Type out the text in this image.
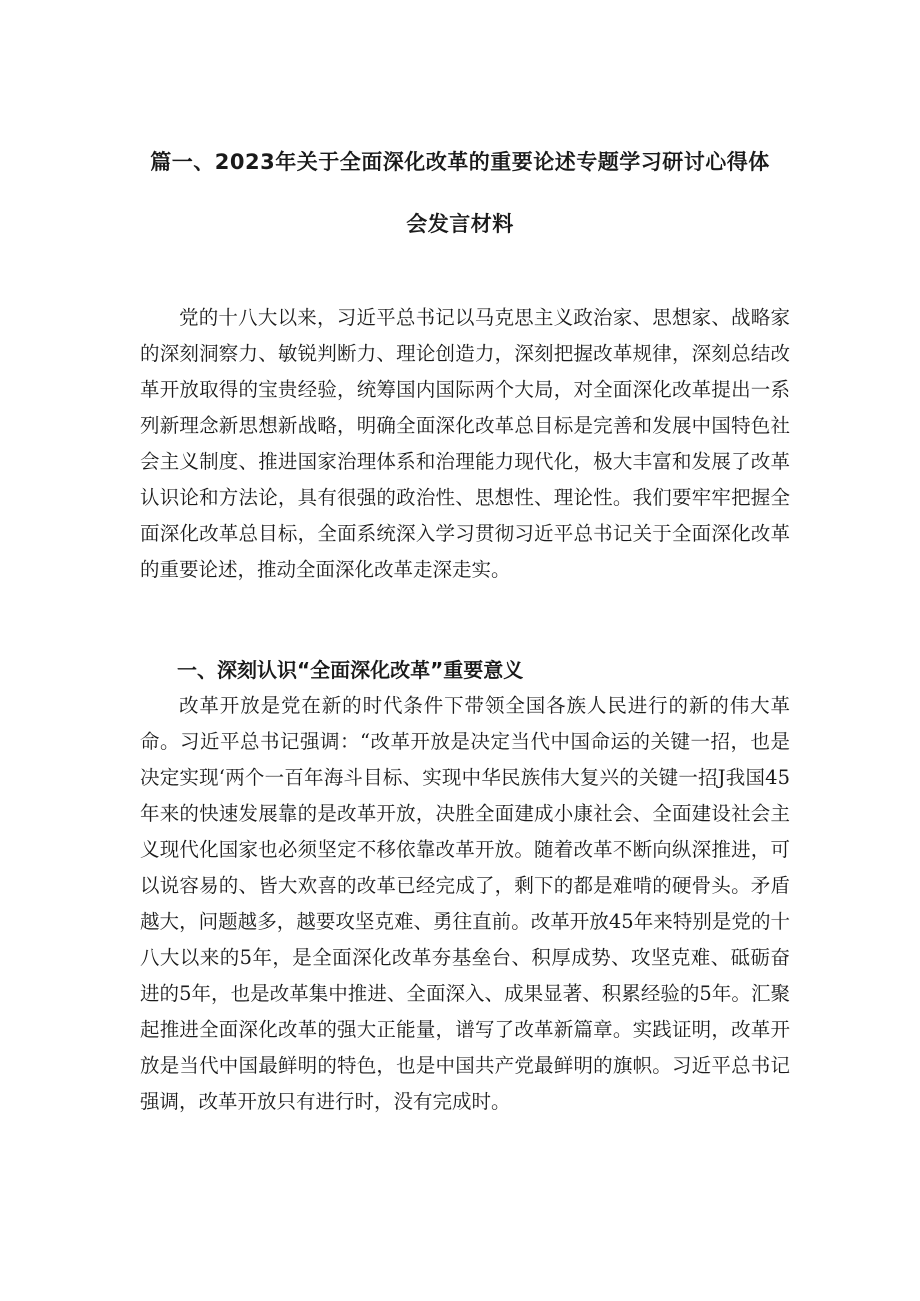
篇一、2023年关于全面深化改革的重要论述专题学习研讨心得体
会发言材料

党的十八大以来，习近平总书记以马克思主义政治家、思想家、战略家的深刻洞察力、敏锐判断力、理论创造力，深刻把握改革规律，深刻总结改革开放取得的宝贵经验，统筹国内国际两个大局，对全面深化改革提出一系列新理念新思想新战略，明确全面深化改革总目标是完善和发展中国特色社会主义制度、推进国家治理体系和治理能力现代化，极大丰富和发展了改革认识论和方法论，具有很强的政治性、思想性、理论性。我们要牢牢把握全面深化改革总目标，全面系统深入学习贯彻习近平总书记关于全面深化改革的重要论述，推动全面深化改革走深走实。

一、深刻认识“全面深化改革”重要意义

改革开放是党在新的时代条件下带领全国各族人民进行的新的伟大革命。习近平总书记强调：“改革开放是决定当代中国命运的关键一招，也是决定实现‘两个一百年海斗目标、实现中华民族伟大复兴的关键一招J我国45年来的快速发展靠的是改革开放，决胜全面建成小康社会、全面建设社会主义现代化国家也必须坚定不移依靠改革开放。随着改革不断向纵深推进，可以说容易的、皆大欢喜的改革已经完成了，剩下的都是难啃的硬骨头。矛盾越大，问题越多，越要攻坚克难、勇往直前。改革开放45年来特别是党的十八大以来的5年，是全面深化改革夯基垒台、积厚成势、攻坚克难、砥砺奋进的5年，也是改革集中推进、全面深入、成果显著、积累经验的5年。汇聚起推进全面深化改革的强大正能量，谱写了改革新篇章。实践证明，改革开放是当代中国最鲜明的特色，也是中国共产党最鲜明的旗帜。习近平总书记强调，改革开放只有进行时，没有完成时。
